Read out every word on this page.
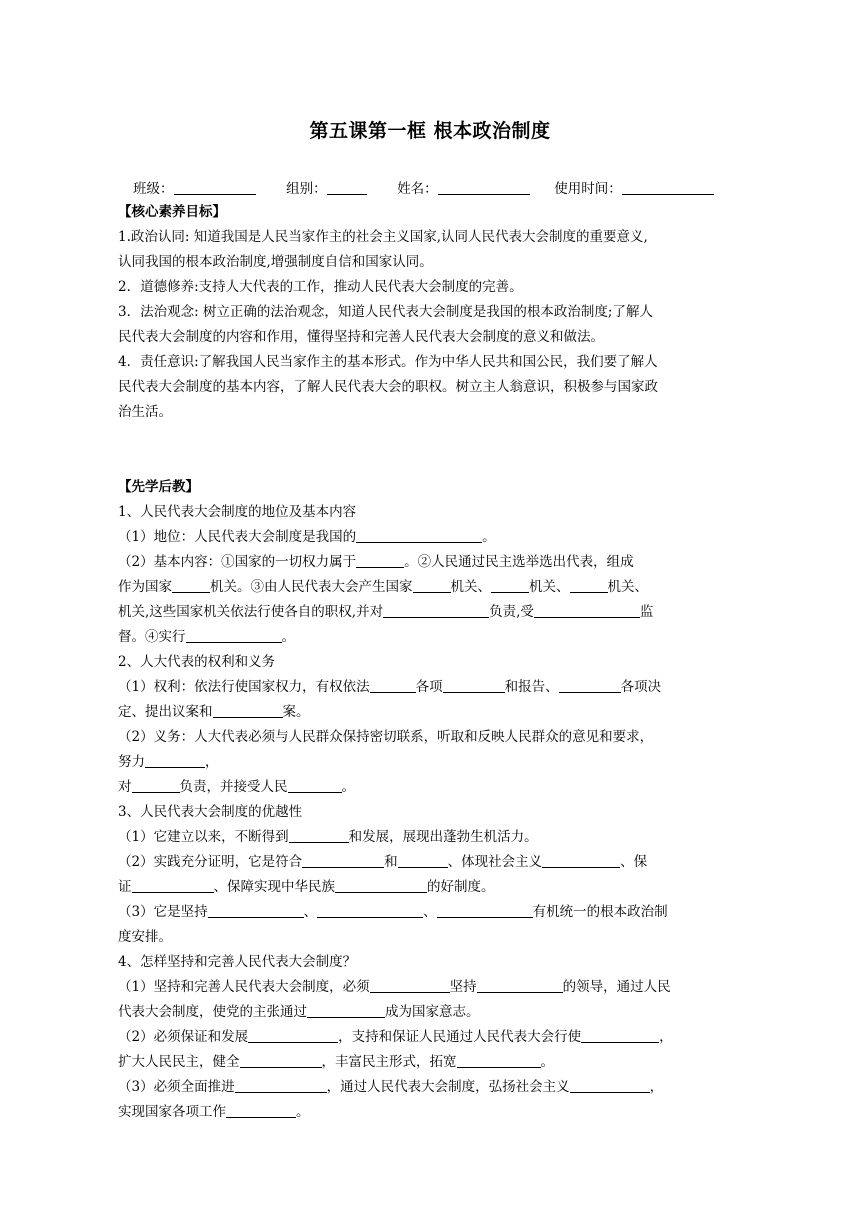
第五课第一框 根本政治制度
班级：	组别：	姓名：	使用时间：

【核心素养目标】

1.政治认同: 知道我国是人民当家作主的社会主义国家,认同人民代表大会制度的重要意义,

认同我国的根本政治制度,增强制度自信和国家认同。

2．道德修养:支持人大代表的工作，推动人民代表大会制度的完善。

3．法治观念: 树立正确的法治观念，知道人民代表大会制度是我国的根本政治制度;了解人

民代表大会制度的内容和作用，懂得坚持和完善人民代表大会制度的意义和做法。

4．责任意识:了解我国人民当家作主的基本形式。作为中华人民共和国公民，我们要了解人

民代表大会制度的基本内容，了解人民代表大会的职权。树立主人翁意识，积极参与国家政

治生活。

【先学后教】

1、人民代表大会制度的地位及基本内容

（1）地位：人民代表大会制度是我国的	。

（2）基本内容：①国家的一切权力属于	。②人民通过民主选举选出代表，组成

作为国家	机关。③由人民代表大会产生国家	机关、	机关、	机关、

机关,这些国家机关依法行使各自的职权,并对	负责,受	监

督。④实行	。

2、人大代表的权利和义务

（1）权利：依法行使国家权力，有权依法	各项	和报告、	各项决

定、提出议案和	案。

（2）义务：人大代表必须与人民群众保持密切联系，听取和反映人民群众的意见和要求，

努力	，

对	负责，并接受人民	。

3、人民代表大会制度的优越性

（1）它建立以来，不断得到	和发展，展现出蓬勃生机活力。

（2）实践充分证明，它是符合	和	、体现社会主义	、保

证	、保障实现中华民族	的好制度。

（3）它是坚持	、	、	有机统一的根本政治制

度安排。

4、怎样坚持和完善人民代表大会制度？

（1）坚持和完善人民代表大会制度，必须	坚持	的领导，通过人民

代表大会制度，使党的主张通过	成为国家意志。

（2）必须保证和发展	，支持和保证人民通过人民代表大会行使	，

扩大人民民主，健全	，丰富民主形式，拓宽	。

（3）必须全面推进	，通过人民代表大会制度，弘扬社会主义	，

实现国家各项工作	。
